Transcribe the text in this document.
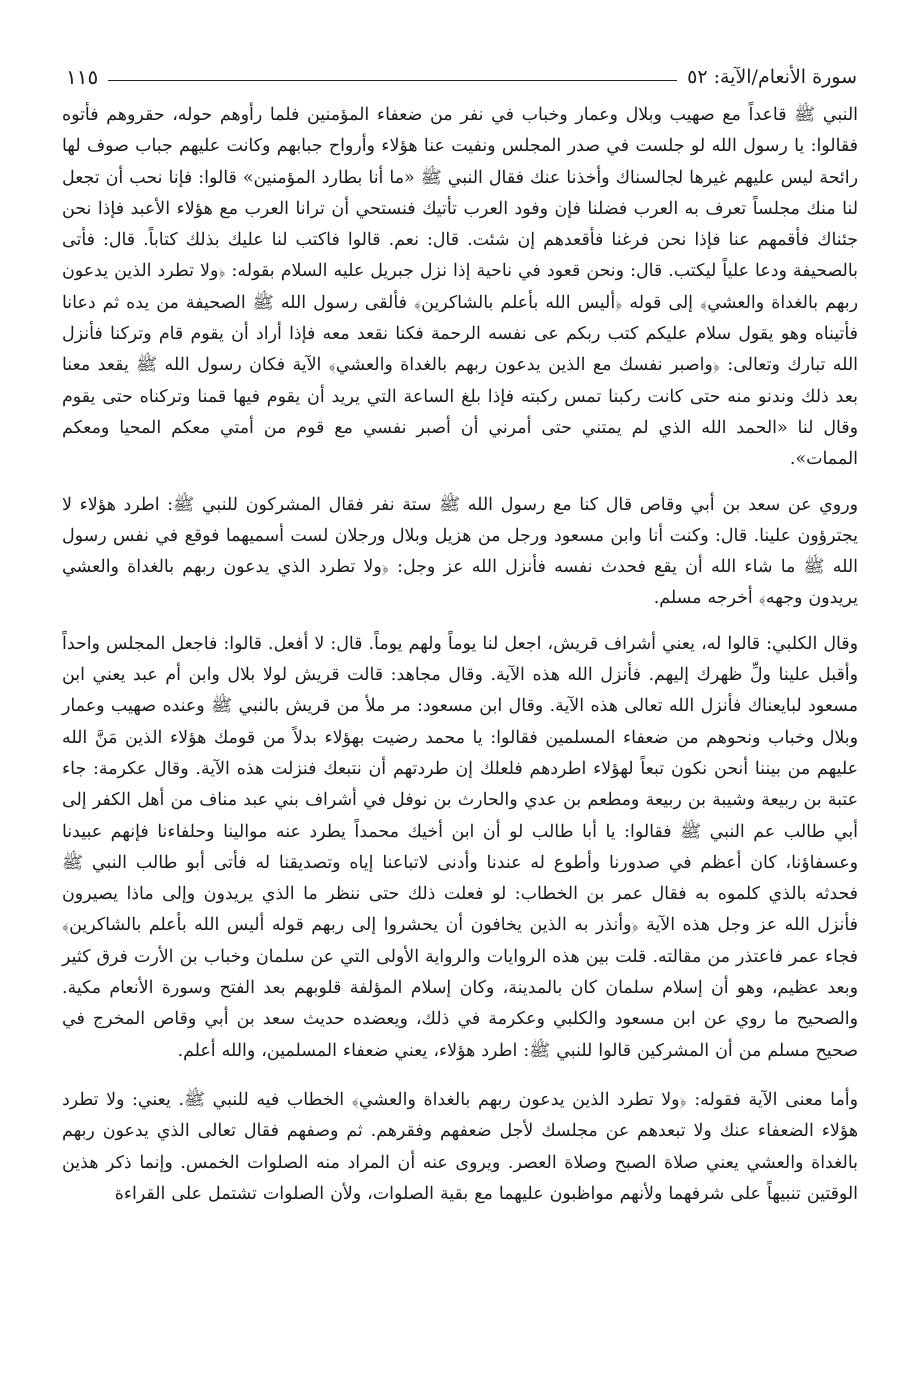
سورة الأنعام/الآية: ٥٢
١١٥

النبي ﷺ قاعداً مع صهيب وبلال وعمار وخباب في نفر من ضعفاء المؤمنين فلما رأوهم حوله، حقروهم فأتوه فقالوا: يا رسول الله لو جلست في صدر المجلس ونفيت عنا هؤلاء وأرواح جبابهم وكانت عليهم جباب صوف لها رائحة ليس عليهم غيرها لجالسناك وأخذنا عنك فقال النبي ﷺ «ما أنا بطارد المؤمنين» قالوا: فإنا نحب أن تجعل لنا منك مجلساً تعرف به العرب فضلنا فإن وفود العرب تأتيك فنستحي أن ترانا العرب مع هؤلاء الأعبد فإذا نحن جئناك فأقمهم عنا فإذا نحن فرغنا فأقعدهم إن شئت. قال: نعم. قالوا فاكتب لنا عليك بذلك كتاباً. قال: فأتى بالصحيفة ودعا علياً ليكتب. قال: ونحن قعود في ناحية إذا نزل جبريل عليه السلام بقوله: ﴿ولا تطرد الذين يدعون ربهم بالغداة والعشي﴾ إلى قوله ﴿أليس الله بأعلم بالشاكرين﴾ فألقى رسول الله ﷺ الصحيفة من يده ثم دعانا فأتيناه وهو يقول سلام عليكم كتب ربكم عى نفسه الرحمة فكنا نقعد معه فإذا أراد أن يقوم قام وتركنا فأنزل الله تبارك وتعالى: ﴿واصبر نفسك مع الذين يدعون ربهم بالغداة والعشي﴾ الآية فكان رسول الله ﷺ يقعد معنا بعد ذلك وندنو منه حتى كانت ركبنا تمس ركبته فإذا بلغ الساعة التي يريد أن يقوم فيها قمنا وتركناه حتى يقوم وقال لنا «الحمد الله الذي لم يمتني حتى أمرني أن أصبر نفسي مع قوم من أمتي معكم المحيا ومعكم الممات».

وروي عن سعد بن أبي وقاص قال كنا مع رسول الله ﷺ ستة نفر فقال المشركون للنبي ﷺ: اطرد هؤلاء لا يجترؤون علينا. قال: وكنت أنا وابن مسعود ورجل من هزيل وبلال ورجلان لست أسميهما فوقع في نفس رسول الله ﷺ ما شاء الله أن يقع فحدث نفسه فأنزل الله عز وجل: ﴿ولا تطرد الذي يدعون ربهم بالغداة والعشي يريدون وجهه﴾ أخرجه مسلم.

وقال الكلبي: قالوا له، يعني أشراف قريش، اجعل لنا يوماً ولهم يوماً. قال: لا أفعل. قالوا: فاجعل المجلس واحداً وأقبل علينا ولِّ ظهرك إليهم. فأنزل الله هذه الآية. وقال مجاهد: قالت قريش لولا بلال وابن أم عبد يعني ابن مسعود لبايعناك فأنزل الله تعالى هذه الآية. وقال ابن مسعود: مر ملأ من قريش بالنبي ﷺ وعنده صهيب وعمار وبلال وخباب ونحوهم من ضعفاء المسلمين فقالوا: يا محمد رضيت بهؤلاء بدلاً من قومك هؤلاء الذين مَنَّ الله عليهم من بيننا أنحن نكون تبعاً لهؤلاء اطردهم فلعلك إن طردتهم أن نتبعك فنزلت هذه الآية. وقال عكرمة: جاء عتبة بن ربيعة وشيبة بن ربيعة ومطعم بن عدي والحارث بن نوفل في أشراف بني عبد مناف من أهل الكفر إلى أبي طالب عم النبي ﷺ فقالوا: يا أبا طالب لو أن ابن أخيك محمداً يطرد عنه موالينا وحلفاءنا فإنهم عبيدنا وعسفاؤنا، كان أعظم في صدورنا وأطوع له عندنا وأدنى لاتباعنا إياه وتصديقنا له فأتى أبو طالب النبي ﷺ فحدثه بالذي كلموه به فقال عمر بن الخطاب: لو فعلت ذلك حتى ننظر ما الذي يريدون وإلى ماذا يصيرون فأنزل الله عز وجل هذه الآية ﴿وأنذر به الذين يخافون أن يحشروا إلى ربهم قوله أليس الله بأعلم بالشاكرين﴾ فجاء عمر فاعتذر من مقالته. قلت بين هذه الروايات والرواية الأولى التي عن سلمان وخباب بن الأرت فرق كثير وبعد عظيم، وهو أن إسلام سلمان كان بالمدينة، وكان إسلام المؤلفة قلوبهم بعد الفتح وسورة الأنعام مكية. والصحيح ما روي عن ابن مسعود والكلبي وعكرمة في ذلك، ويعضده حديث سعد بن أبي وقاص المخرج في صحيح مسلم من أن المشركين قالوا للنبي ﷺ: اطرد هؤلاء، يعني ضعفاء المسلمين، والله أعلم.

وأما معنى الآية فقوله: ﴿ولا تطرد الذين يدعون ربهم بالغداة والعشي﴾ الخطاب فيه للنبي ﷺ. يعني: ولا تطرد هؤلاء الضعفاء عنك ولا تبعدهم عن مجلسك لأجل ضعفهم وفقرهم. ثم وصفهم فقال تعالى الذي يدعون ربهم بالغداة والعشي يعني صلاة الصبح وصلاة العصر. ويروى عنه أن المراد منه الصلوات الخمس. وإنما ذكر هذين الوقتين تنبيهاً على شرفهما ولأنهم مواظبون عليهما مع بقية الصلوات، ولأن الصلوات تشتمل على القراءة
